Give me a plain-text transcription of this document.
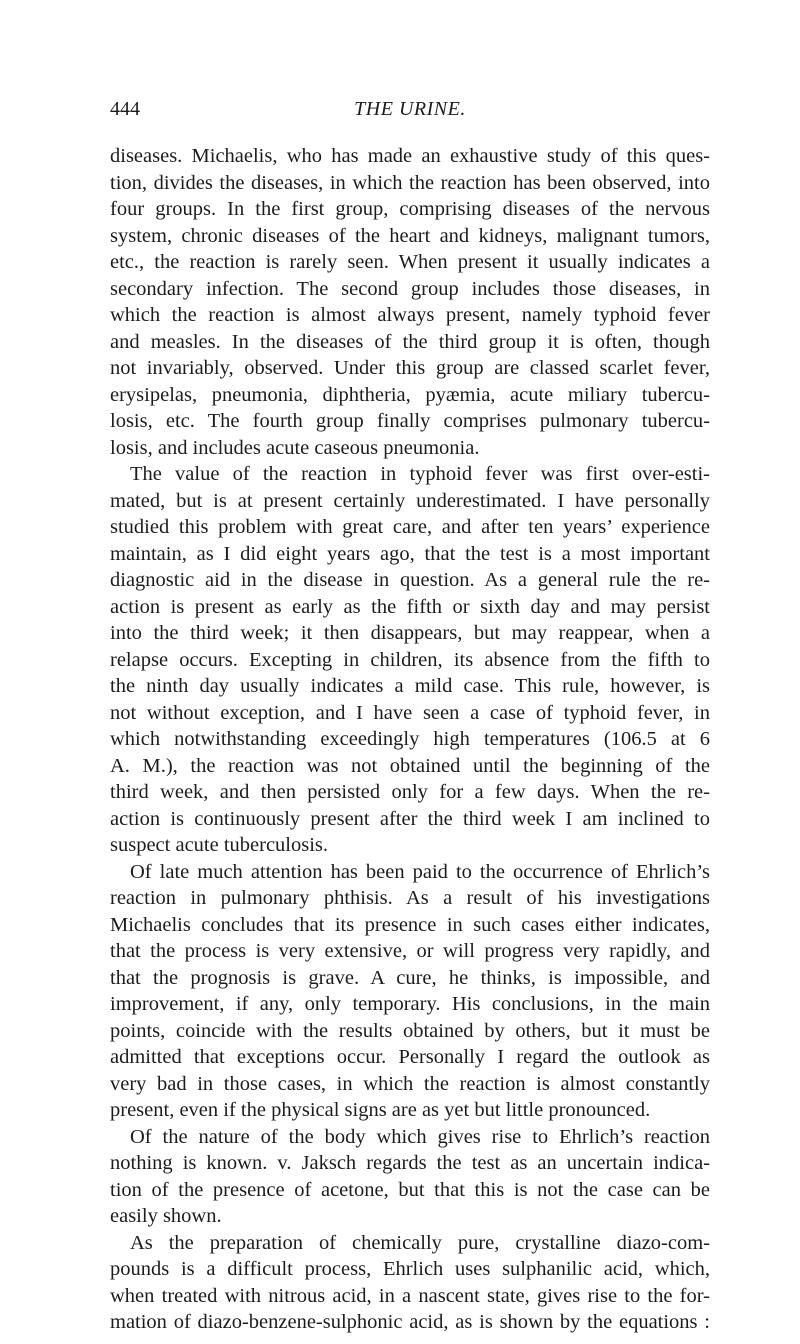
444	THE URINE.
diseases. Michaelis, who has made an exhaustive study of this ques-
tion, divides the diseases, in which the reaction has been observed, into
four groups. In the first group, comprising diseases of the nervous
system, chronic diseases of the heart and kidneys, malignant tumors,
etc., the reaction is rarely seen. When present it usually indicates a
secondary infection. The second group includes those diseases, in
which the reaction is almost always present, namely typhoid fever
and measles. In the diseases of the third group it is often, though
not invariably, observed. Under this group are classed scarlet fever,
erysipelas, pneumonia, diphtheria, pyæmia, acute miliary tubercu-
losis, etc. The fourth group finally comprises pulmonary tubercu-
losis, and includes acute caseous pneumonia.
The value of the reaction in typhoid fever was first over-esti-
mated, but is at present certainly underestimated. I have personally
studied this problem with great care, and after ten years’ experience
maintain, as I did eight years ago, that the test is a most important
diagnostic aid in the disease in question. As a general rule the re-
action is present as early as the fifth or sixth day and may persist
into the third week; it then disappears, but may reappear, when a
relapse occurs. Excepting in children, its absence from the fifth to
the ninth day usually indicates a mild case. This rule, however, is
not without exception, and I have seen a case of typhoid fever, in
which notwithstanding exceedingly high temperatures (106.5 at 6
A. M.), the reaction was not obtained until the beginning of the
third week, and then persisted only for a few days. When the re-
action is continuously present after the third week I am inclined to
suspect acute tuberculosis.
Of late much attention has been paid to the occurrence of Ehrlich’s
reaction in pulmonary phthisis. As a result of his investigations
Michaelis concludes that its presence in such cases either indicates,
that the process is very extensive, or will progress very rapidly, and
that the prognosis is grave. A cure, he thinks, is impossible, and
improvement, if any, only temporary. His conclusions, in the main
points, coincide with the results obtained by others, but it must be
admitted that exceptions occur. Personally I regard the outlook as
very bad in those cases, in which the reaction is almost constantly
present, even if the physical signs are as yet but little pronounced.
Of the nature of the body which gives rise to Ehrlich’s reaction
nothing is known. v. Jaksch regards the test as an uncertain indica-
tion of the presence of acetone, but that this is not the case can be
easily shown.
As the preparation of chemically pure, crystalline diazo-com-
pounds is a difficult process, Ehrlich uses sulphanilic acid, which,
when treated with nitrous acid, in a nascent state, gives rise to the for-
mation of diazo-benzene-sulphonic acid, as is shown by the equations :
